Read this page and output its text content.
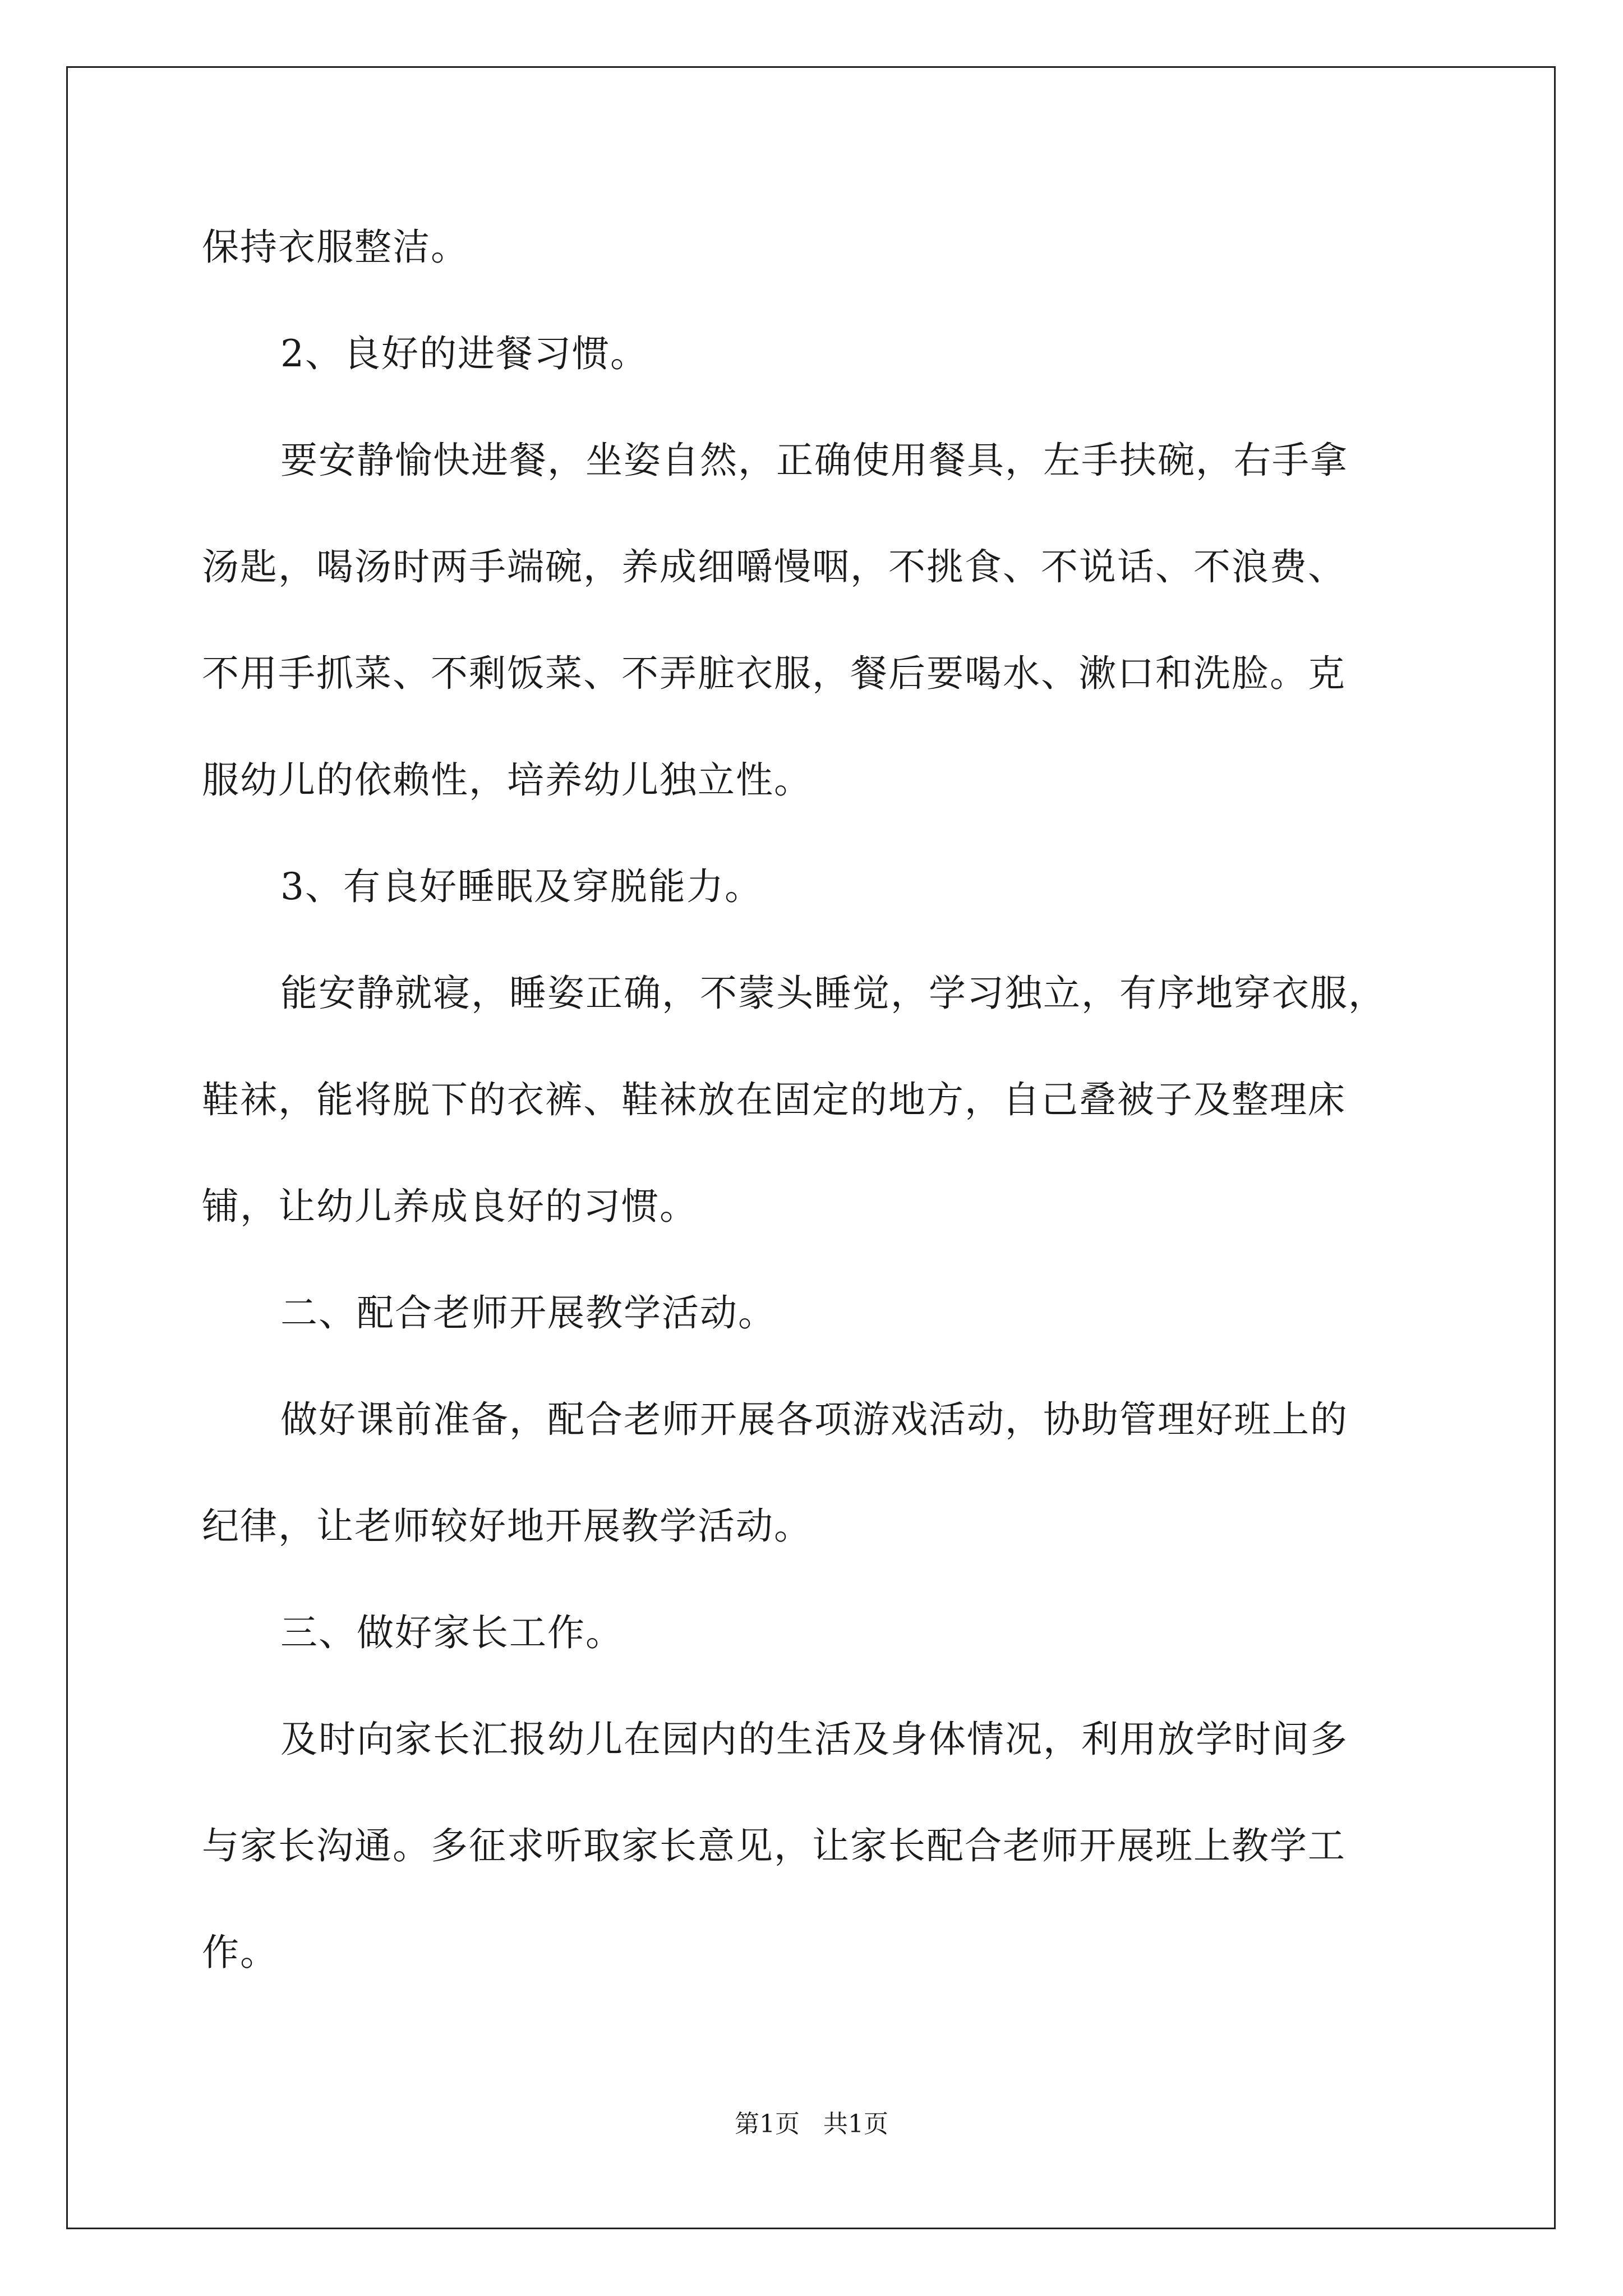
保持衣服整洁。
2、良好的进餐习惯。
要安静愉快进餐，坐姿自然，正确使用餐具，左手扶碗，右手拿
汤匙，喝汤时两手端碗，养成细嚼慢咽，不挑食、不说话、不浪费、
不用手抓菜、不剩饭菜、不弄脏衣服，餐后要喝水、漱口和洗脸。克
服幼儿的依赖性，培养幼儿独立性。
3、有良好睡眠及穿脱能力。
能安静就寝，睡姿正确，不蒙头睡觉，学习独立，有序地穿衣服，
鞋袜，能将脱下的衣裤、鞋袜放在固定的地方，自己叠被子及整理床
铺，让幼儿养成良好的习惯。
二、配合老师开展教学活动。
做好课前准备，配合老师开展各项游戏活动，协助管理好班上的
纪律，让老师较好地开展教学活动。
三、做好家长工作。
及时向家长汇报幼儿在园内的生活及身体情况，利用放学时间多
与家长沟通。多征求听取家长意见，让家长配合老师开展班上教学工
作。
第1页   共1页
